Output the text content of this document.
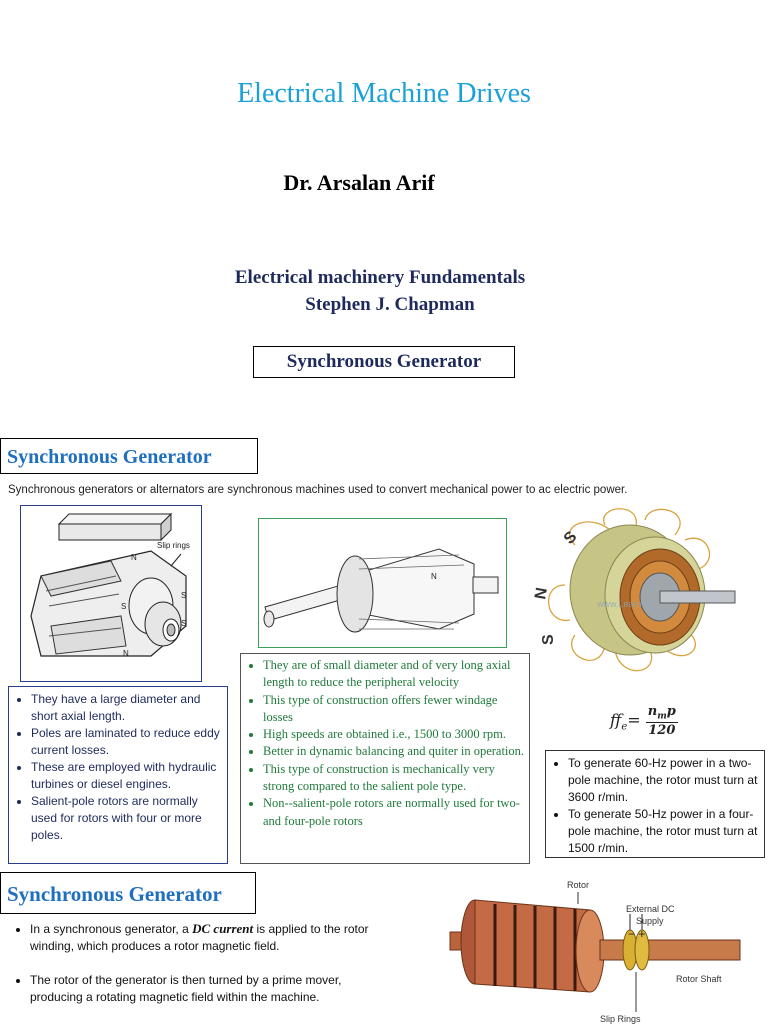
Electrical Machine Drives
Dr. Arsalan Arif
Electrical machinery Fundamentals
Stephen J. Chapman
Synchronous Generator
Synchronous Generator
Synchronous generators or alternators are synchronous machines used to convert mechanical power to ac electric power.
Slip rings
N
S
S
N
S
N
N
S
S
www.Learn...
• They have a large diameter and short axial length.
• Poles are laminated to reduce eddy current losses.
• These are employed with hydraulic turbines or diesel engines.
• Salient-pole rotors are normally used for rotors with four or more poles.
• They are of small diameter and of very long axial length to reduce the peripheral velocity
• This type of construction offers fewer windage losses
• High speeds are obtained i.e., 1500 to 3000 rpm.
• Better in dynamic balancing and quiter in operation.
• This type of construction is mechanically very strong compared to the salient pole type.
• Non--salient-pole rotors are normally used for two- and four-pole rotors
$ff_e= \frac{n_mp}{120}$
• To generate 60-Hz power in a two-pole machine, the rotor must turn at 3600 r/min.
• To generate 50-Hz power in a four-pole machine, the rotor must turn at 1500 r/min.
Synchronous Generator
• In a synchronous generator, a DC current is applied to the rotor winding, which produces a rotor magnetic field.
• The rotor of the generator is then turned by a prime mover, producing a rotating magnetic field within the machine.
Rotor
External DC
Supply
− +
Rotor Shaft
Slip Rings
